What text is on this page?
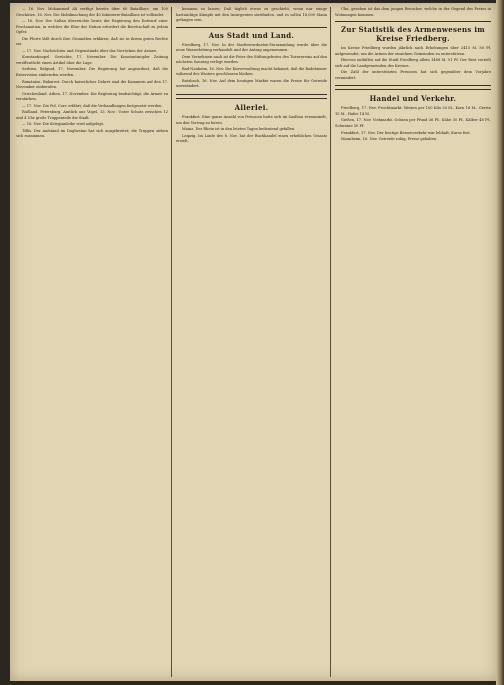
— 16. Nov. Mohammed Ali verfügt bereits über 60 Bataillone, um 100 Geschütze. 16. Nov. Die Mobilmachung der 40 Infanterie-Bataillone ist vollendet.

— 16. Nov. Der Sultan überreichte heute der Regierung den Entwurf einer Proclamation, in welcher die Ehre der Nation erfordert die Bereitschaft zu jedem Opfer.

Die Pforte läßt durch ihre Gesandten erklären, daß sie in ihrem guten Rechte sei.

— 17. Nov. Nachrichten und Gegenstände über das Vorrücken der Armee.

Konstantinopel. Gerüchte, 17. November. Die Konstantinopler Zeitung veröffentlicht einen Artikel über die Lage.

Serbien. Belgrad, 17. November. Die Regierung hat angeordnet, daß die Reservisten einberufen werden.

Rumänien. Bukarest. Durch kaiserliches Dekret sind die Kammern auf den 17. November einberufen.

Griechenland. Athen, 17. November. Die Regierung beabsichtigt, die Armee zu verstärken.

— 17. Nov. Die Pol. Corr. erfährt, daß die Verhandlungen fortgesetzt werden.

Rußland. Petersburg. Amtlich aus Vogel, 13. Nov.: Unter Schutz zwischen 12 und 4 Uhr große Truppenteile die Stadt.

— 16. Nov. Die Kriegsanleihe wird aufgelegt.

Tiflis. Der Aufstand im Daghestan hat sich ausgebreitet; die Truppen ziehen sich zusammen.

kommen zu lassen. Daß täglich etwas zu geschieht, wenn nur einige hartnäckige Kämpfe mit den Insurgenten stattfinden, und es sollen 18,000 Mann gefangen sein.

Aus Stadt und Land.

Friedberg, 17. Nov. In der Stadtverordneten-Versammlung wurde über die neue Wasserleitung verhandelt und der Antrag angenommen.

Dem Vernehmen nach ist die Feier des Stiftungsfestes des Turnvereins auf den nächsten Sonntag verlegt worden.

Bad-Nauheim, 16. Nov. Die Kurverwaltung macht bekannt, daß die Badehäuser während des Winters geschlossen bleiben.

Butzbach, 16. Nov. Auf dem heutigen Markte waren die Preise für Getreide unverändert.

Allerlei.

Frankfurt. Eine ganze Anzahl von Personen hatte sich im Saalbau versammelt, um den Vortrag zu hören.

Mainz. Der Rhein ist in den letzten Tagen bedeutend gefallen.

Leipzig. Im Laufe des 8. Nov. hat der Buchhandel einen erheblichen Umsatz erzielt.

Ulm, gesehen ist das dem jungen Besucher, welche in der Gegend des Festes in Wohnungen kommen.

Zur Statistik des Armenwesens im Kreise Friedberg.

Im Kreise Friedberg wurden jährlich nach Erhebungen über 2415 M. 80 Pf. aufgewendet, um die Armen der einzelnen Gemeinden zu unterstützen.

Hiervon entfallen auf die Stadt Friedberg allein 1488 M. 51 Pf. Der Rest verteilt sich auf die Landgemeinden des Kreises.

Die Zahl der unterstützten Personen hat sich gegenüber dem Vorjahre vermindert.

Handel und Verkehr.

Friedberg, 17. Nov. Fruchtmarkt. Weizen per 100 Kilo 20 M., Korn 16 M., Gerste 15 M., Hafer 14 M.

Gießen, 17. Nov. Viehmarkt. Ochsen per Pfund 36 Pf., Kühe 30 Pf., Kälber 48 Pf., Schweine 50 Pf.

Frankfurt, 17. Nov. Der heutige Börsenverkehr war lebhaft; Kurse fest.

Mannheim, 16. Nov. Getreide ruhig, Preise gehalten.
